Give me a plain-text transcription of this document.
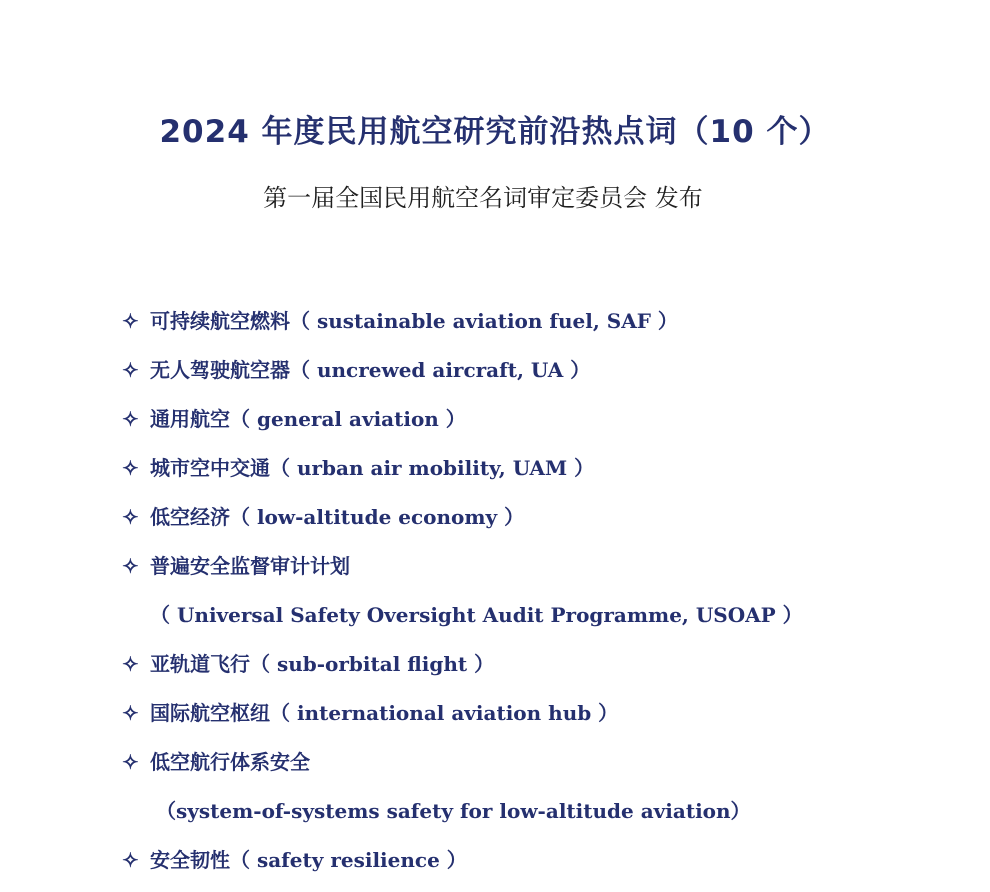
2024 年度民用航空研究前沿热点词（10 个）
第一届全国民用航空名词审定委员会 发布
✧ 可持续航空燃料（ sustainable aviation fuel, SAF ）
✧ 无人驾驶航空器（ uncrewed aircraft, UA ）
✧ 通用航空（ general aviation ）
✧ 城市空中交通（ urban air mobility, UAM ）
✧ 低空经济（ low-altitude economy ）
✧ 普遍安全监督审计计划
（ Universal Safety Oversight Audit Programme, USOAP ）
✧ 亚轨道飞行（ sub-orbital flight ）
✧ 国际航空枢纽（ international aviation hub ）
✧ 低空航行体系安全
（system-of-systems safety for low-altitude aviation）
✧ 安全韧性（ safety resilience ）
